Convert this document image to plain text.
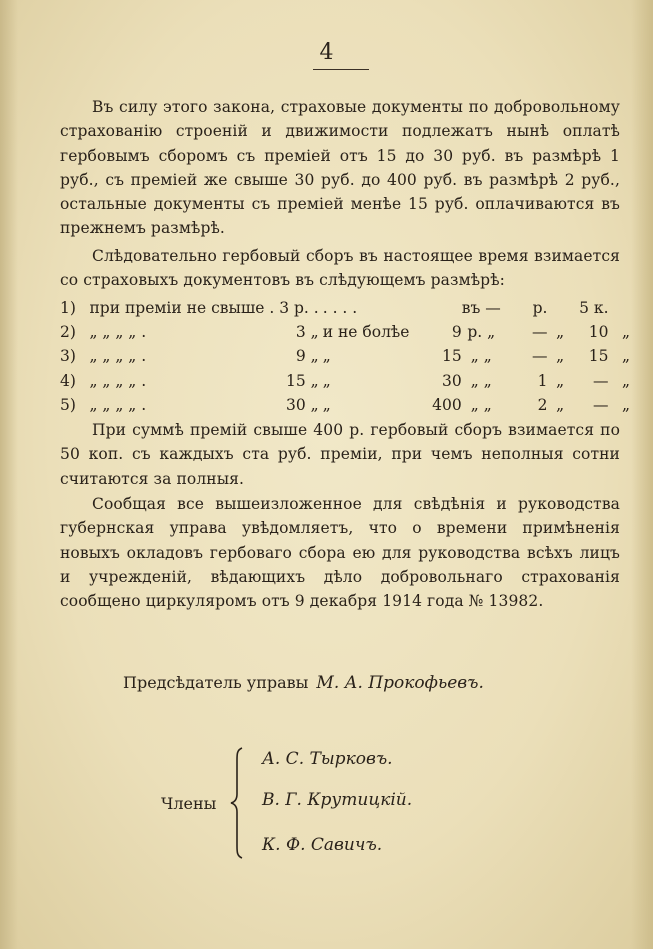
4
Въ силу этого закона, страховые документы по добровольному страхованію строеній и движимости подлежатъ нынѣ оплатѣ гербовымъ сборомъ съ преміей отъ 15 до 30 руб. въ размѣрѣ 1 руб., съ преміей же свыше 30 руб. до 400 руб. въ размѣрѣ 2 руб., остальные документы съ преміей менѣе 15 руб. оплачиваются въ прежнемъ размѣрѣ.
Слѣдовательно гербовый сборъ въ настоящее время взимается со страховыхъ документовъ въ слѣдующемъ размѣрѣ:
1)	при преміи не свыше .	3 р. .	. . . .		въ —	р.		5 к.	
2)	„ „ „ „ .	3 „	и не болѣе	9	р. „	—	„	10	„
3)	„ „ „ „ .	9 „	„	15	„ „	—	„	15	„
4)	„ „ „ „ .	15 „	„	30	„ „	1	„	—	„
5)	„ „ „ „ .	30 „	„	400	„ „	2	„	—	„
При суммѣ премій свыше 400 р. гербовый сборъ взимается по 50 коп. съ каждыхъ ста руб. преміи, при чемъ неполныя сотни считаются за полныя.
Сообщая все вышеизложенное для свѣдѣнія и руководства губернская управа увѣдомляетъ, что о времени примѣненія новыхъ окладовъ гербоваго сбора ею для руководства всѣхъ лицъ и учрежденій, вѣдающихъ дѣло добровольнаго страхованія сообщено циркуляромъ отъ 9 декабря 1914 года № 13982.
Предсѣдатель управы М. А. Прокофьевъ.
Члены
А. С. Тырковъ.
В. Г. Крутицкій.
К. Ф. Савичъ.
